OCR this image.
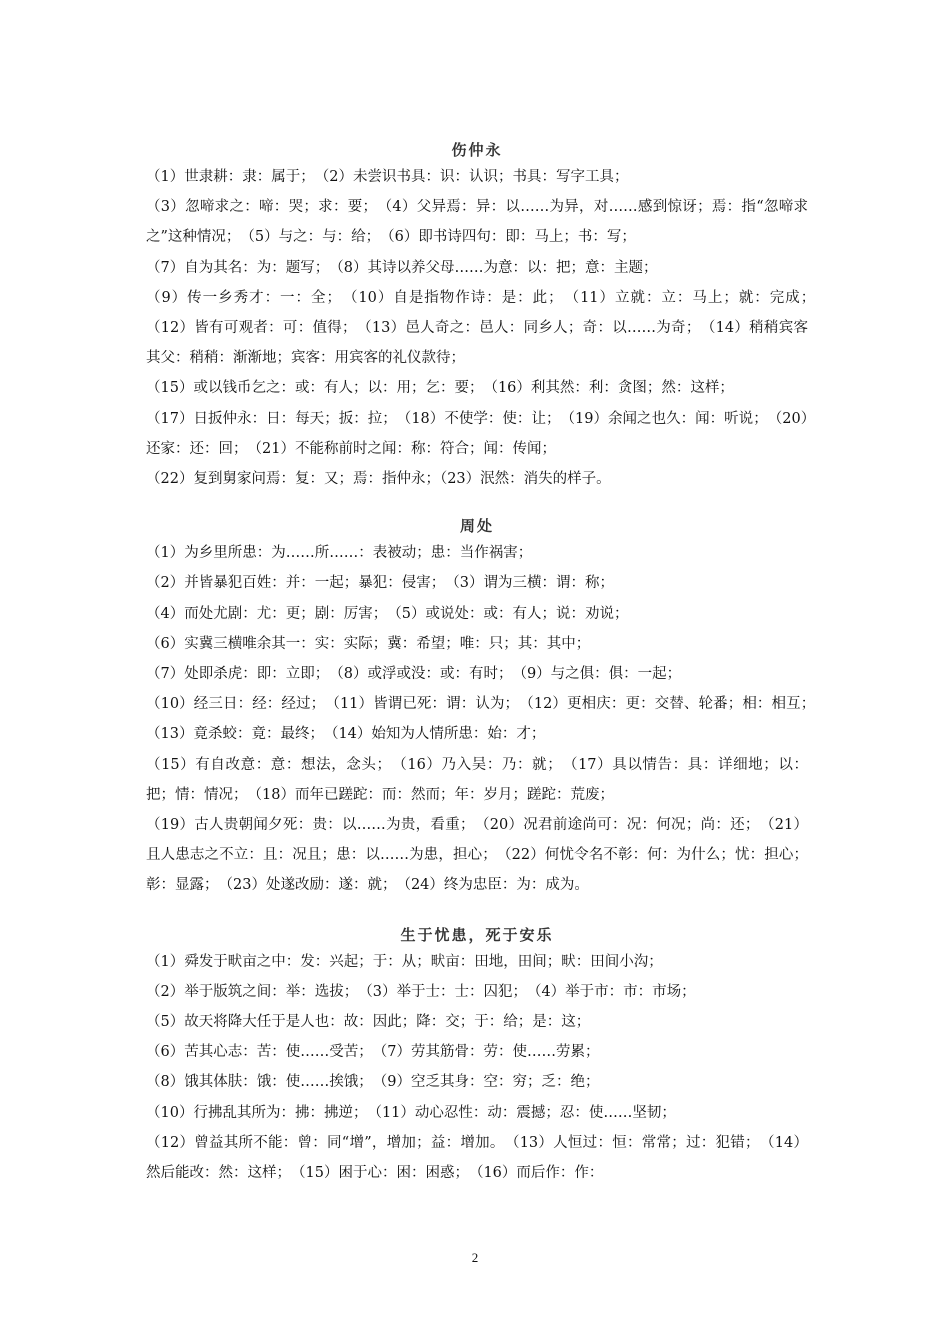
伤仲永

（1）世隶耕：隶：属于；　（2）未尝识书具：识：认识；书具：写字工具；

（3）忽啼求之：啼：哭；求：要；　（4）父异焉：异：以……为异，对……感到惊讶；焉：指“忽啼求之”这种情况；　（5）与之：与：给；　（6）即书诗四句：即：马上；书：写；

（7）自为其名：为：题写；　（8）其诗以养父母……为意：以：把；意：主题；

（9）传一乡秀才：一：全；　（10）自是指物作诗：是：此；　（11）立就：立：马上；就：完成；　（12）皆有可观者：可：值得；　（13）邑人奇之：邑人：同乡人；奇：以……为奇；　（14）稍稍宾客其父：稍稍：渐渐地；宾客：用宾客的礼仪款待；

（15）或以钱币乞之：或：有人；以：用；乞：要；　（16）利其然：利：贪图；然：这样；

（17）日扳仲永：日：每天；扳：拉；　（18）不使学：使：让；　（19）余闻之也久：闻：听说；　（20）还家：还：回；　（21）不能称前时之闻：称：符合；闻：传闻；

（22）复到舅家问焉：复：又；焉：指仲永；（23）泯然：消失的样子。

周处

（1）为乡里所患：为……所……：表被动；患：当作祸害；

（2）并皆暴犯百姓：并：一起；暴犯：侵害；　（3）谓为三横：谓：称；

（4）而处尤剧：尤：更；剧：厉害；　（5）或说处：或：有人；说：劝说；

（6）实冀三横唯余其一：实：实际；冀：希望；唯：只；其：其中；

（7）处即杀虎：即：立即；　（8）或浮或没：或：有时；　（9）与之俱：俱：一起；

（10）经三日：经：经过；　（11）皆谓已死：谓：认为；　（12）更相庆：更：交替、轮番；相：相互；　（13）竟杀蛟：竟：最终；　（14）始知为人情所患：始：才；

（15）有自改意：意：想法，念头；　（16）乃入吴：乃：就；　（17）具以情告：具：详细地；以：把；情：情况；　（18）而年已蹉跎：而：然而；年：岁月；蹉跎：荒废；

（19）古人贵朝闻夕死：贵：以……为贵，看重；　（20）况君前途尚可：况：何况；尚：还；　（21）且人患志之不立：且：况且；患：以……为患，担心；　（22）何忧令名不彰：何：为什么；忧：担心；彰：显露；　（23）处遂改励：遂：就；　（24）终为忠臣：为：成为。

生于忧患，死于安乐

（1）舜发于畎亩之中：发：兴起；于：从；畎亩：田地，田间；畎：田间小沟；

（2）举于版筑之间：举：选拔；　（3）举于士：士：囚犯；　（4）举于市：市：市场；

（5）故天将降大任于是人也：故：因此；降：交；于：给；是：这；

（6）苦其心志：苦：使……受苦；　（7）劳其筋骨：劳：使……劳累；

（8）饿其体肤：饿：使……挨饿；　（9）空乏其身：空：穷；乏：绝；

（10）行拂乱其所为：拂：拂逆；　（11）动心忍性：动：震撼；忍：使……坚韧；

（12）曾益其所不能：曾：同“增”，增加；益：增加。　（13）人恒过：恒：常常；过：犯错；　（14）然后能改：然：这样；　（15）困于心：困：困惑；　（16）而后作：作：

2
